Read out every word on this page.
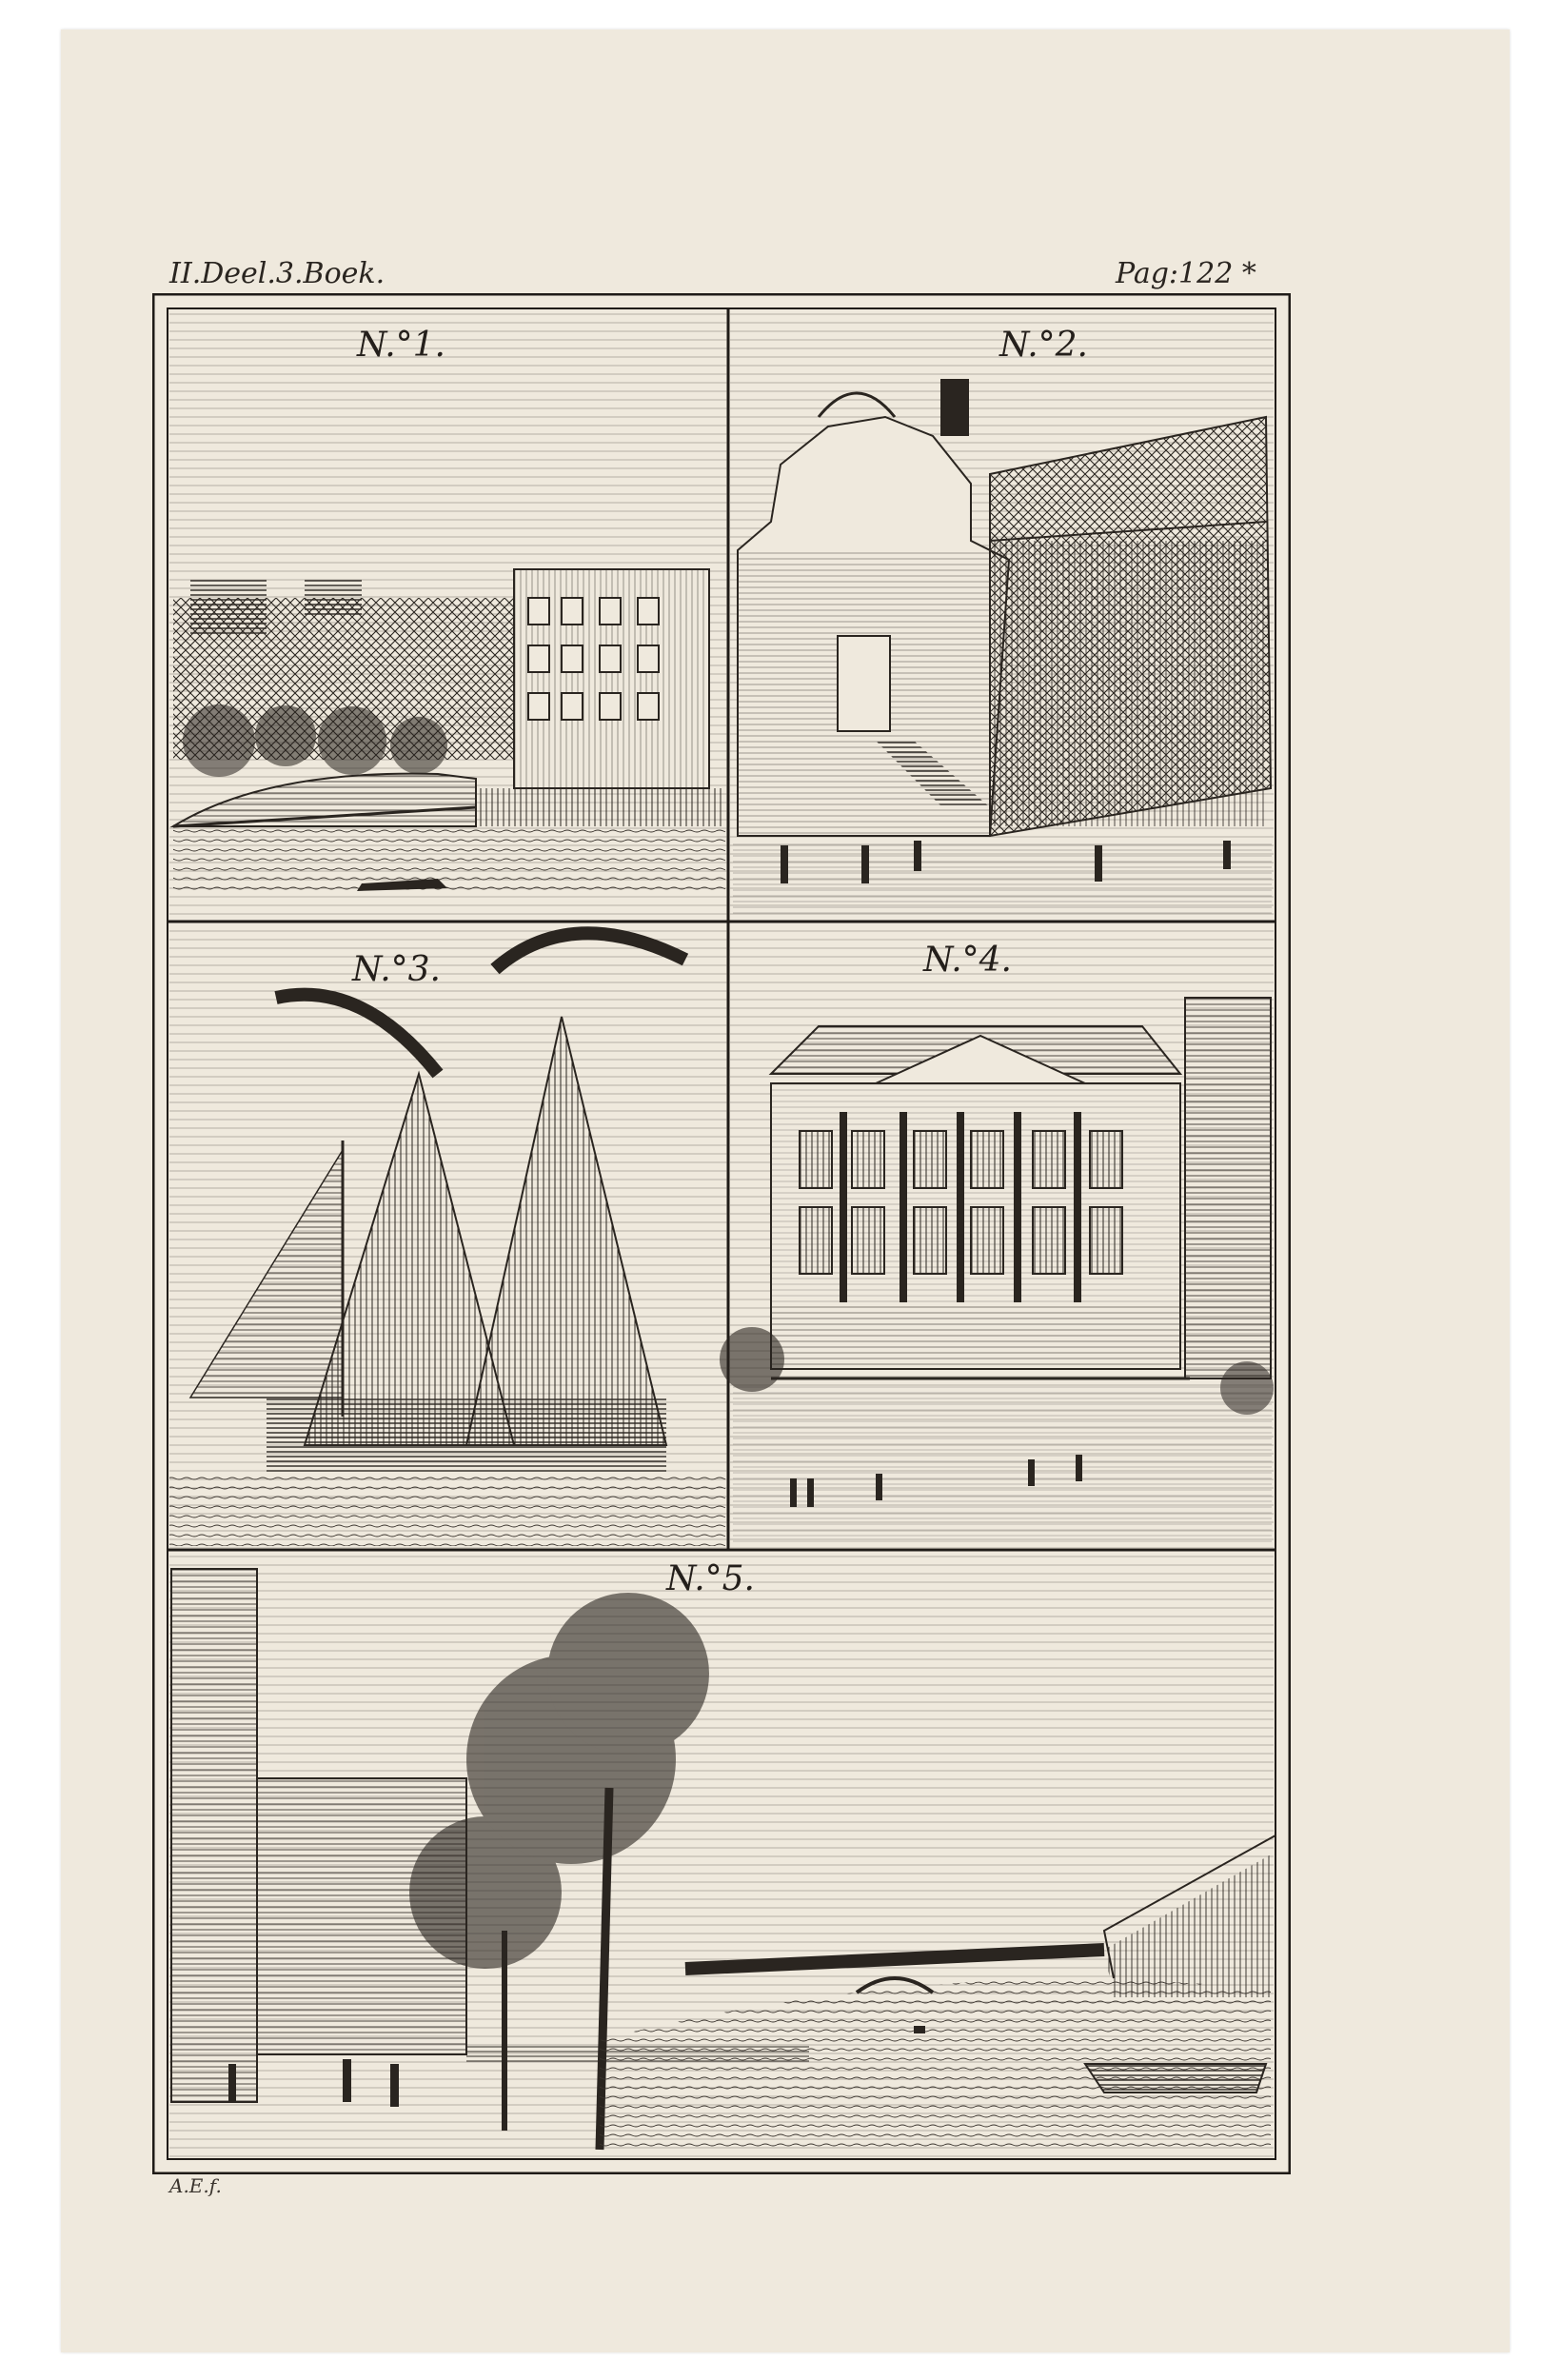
II.Deel.3.Boek.	Pag:122 *
N.°1.	N.°2.
N.°3.	N.°4.
N.°5.
A.E.f.
